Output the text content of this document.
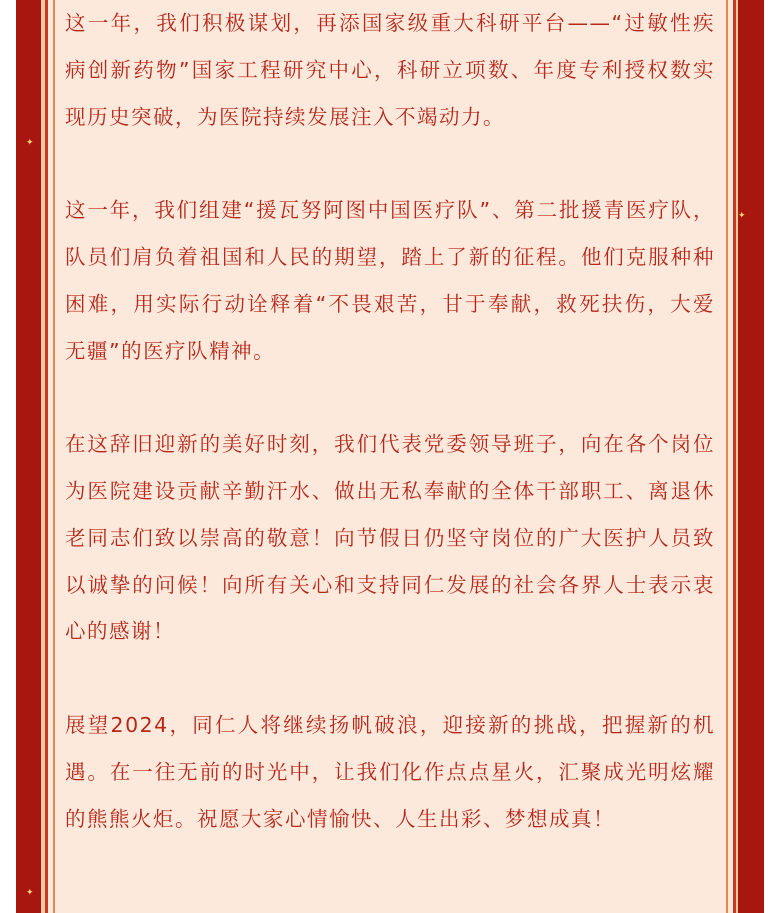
✦
✦
✦

这一年，我们积极谋划，再添国家级重大科研平台——“过敏性疾病创新药物”国家工程研究中心，科研立项数、年度专利授权数实现历史突破，为医院持续发展注入不竭动力。

这一年，我们组建“援瓦努阿图中国医疗队”、第二批援青医疗队，队员们肩负着祖国和人民的期望，踏上了新的征程。他们克服种种困难，用实际行动诠释着“不畏艰苦，甘于奉献，救死扶伤，大爱无疆”的医疗队精神。

在这辞旧迎新的美好时刻，我们代表党委领导班子，向在各个岗位为医院建设贡献辛勤汗水、做出无私奉献的全体干部职工、离退休老同志们致以崇高的敬意！向节假日仍坚守岗位的广大医护人员致以诚挚的问候！向所有关心和支持同仁发展的社会各界人士表示衷心的感谢！

展望2024，同仁人将继续扬帆破浪，迎接新的挑战，把握新的机遇。在一往无前的时光中，让我们化作点点星火，汇聚成光明炫耀的熊熊火炬。祝愿大家心情愉快、人生出彩、梦想成真！
